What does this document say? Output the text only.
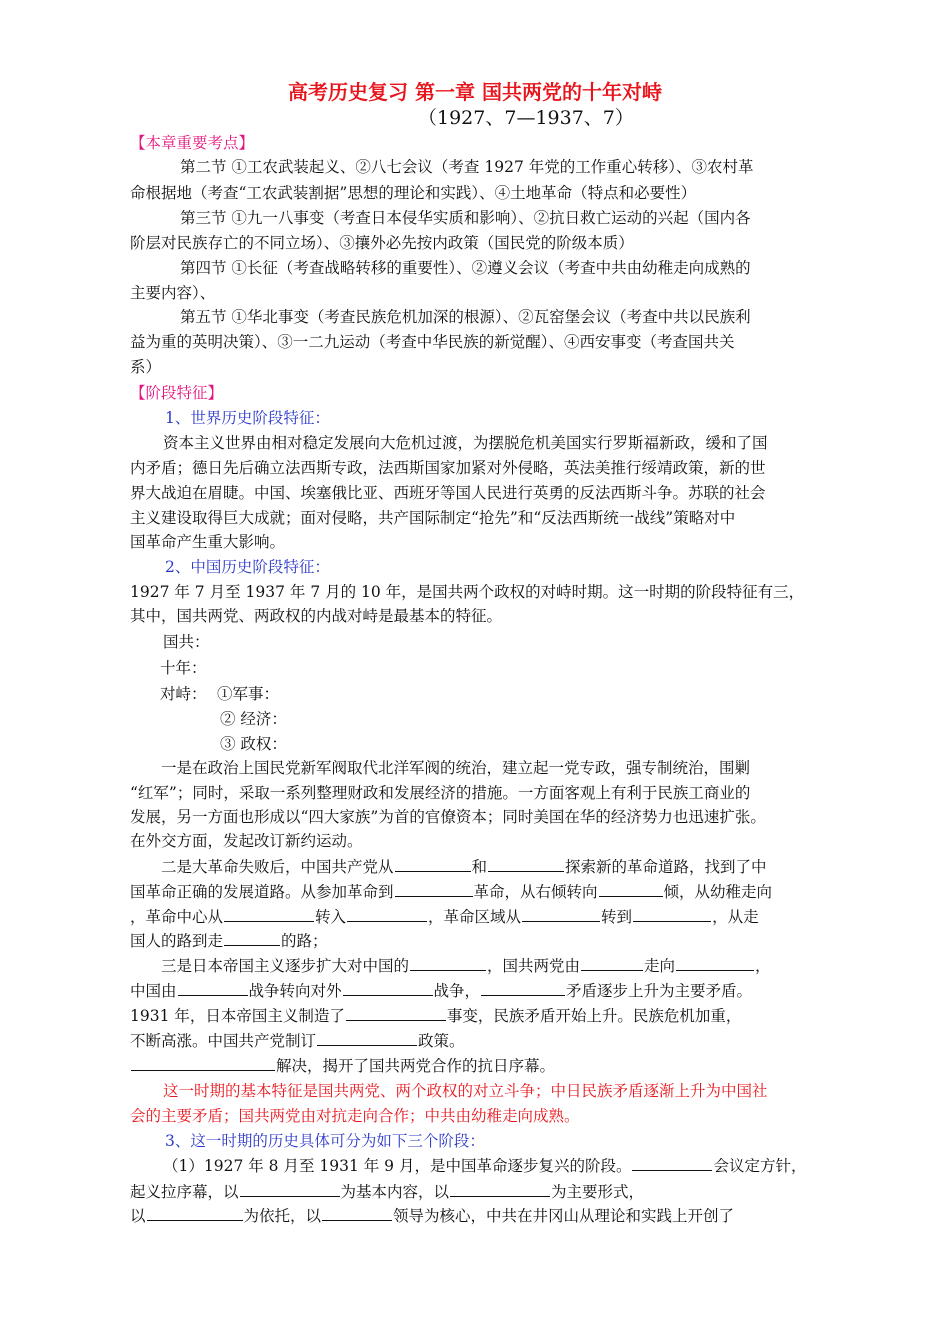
高考历史复习 第一章 国共两党的十年对峙
（1927、7—1937、7）
【本章重要考点】
第二节 ①工农武装起义、②八七会议（考查 1927 年党的工作重心转移）、③农村革
命根据地（考查“工农武装割据”思想的理论和实践）、④土地革命（特点和必要性）
第三节 ①九一八事变（考查日本侵华实质和影响）、②抗日救亡运动的兴起（国内各
阶层对民族存亡的不同立场）、③攘外必先按内政策（国民党的阶级本质）
第四节 ①长征（考查战略转移的重要性）、②遵义会议（考查中共由幼稚走向成熟的
主要内容）、
第五节 ①华北事变（考查民族危机加深的根源）、②瓦窑堡会议（考查中共以民族利
益为重的英明决策）、③一二九运动（考查中华民族的新觉醒）、④西安事变（考查国共关
系）
【阶段特征】
1、世界历史阶段特征：
资本主义世界由相对稳定发展向大危机过渡，为摆脱危机美国实行罗斯福新政，缓和了国
内矛盾；德日先后确立法西斯专政，法西斯国家加紧对外侵略，英法美推行绥靖政策，新的世
界大战迫在眉睫。中国、埃塞俄比亚、西班牙等国人民进行英勇的反法西斯斗争。苏联的社会
主义建设取得巨大成就；面对侵略，共产国际制定“抢先”和“反法西斯统一战线”策略对中
国革命产生重大影响。
2、中国历史阶段特征：
1927 年 7 月至 1937 年 7 月的 10 年，是国共两个政权的对峙时期。这一时期的阶段特征有三，
其中，国共两党、两政权的内战对峙是最基本的特征。
国共：
十年：
对峙： ①军事：
② 经济：
③ 政权：
一是在政治上国民党新军阀取代北洋军阀的统治，建立起一党专政，强专制统治，围剿
“红军”；同时，采取一系列整理财政和发展经济的措施。一方面客观上有利于民族工商业的
发展，另一方面也形成以“四大家族”为首的官僚资本；同时美国在华的经济势力也迅速扩张。
在外交方面，发起改订新约运动。
二是大革命失败后，中国共产党从	和	探索新的革命道路，找到了中
国革命正确的发展道路。从参加革命到	革命，从右倾转向	倾，从幼稚走向
，革命中心从	转入	，革命区域从	转到	，从走
国人的路到走	的路；
三是日本帝国主义逐步扩大对中国的	，国共两党由	走向	，
中国由	战争转向对外	战争，	矛盾逐步上升为主要矛盾。
1931 年，日本帝国主义制造了	事变，民族矛盾开始上升。民族危机加重，
不断高涨。中国共产党制订	政策。
解决，揭开了国共两党合作的抗日序幕。
这一时期的基本特征是国共两党、两个政权的对立斗争；中日民族矛盾逐渐上升为中国社
会的主要矛盾；国共两党由对抗走向合作；中共由幼稚走向成熟。
3、这一时期的历史具体可分为如下三个阶段：
（1）1927 年 8 月至 1931 年 9 月，是中国革命逐步复兴的阶段。	会议定方针，
起义拉序幕，以	为基本内容，以	为主要形式，
以	为依托，以	领导为核心，中共在井冈山从理论和实践上开创了
